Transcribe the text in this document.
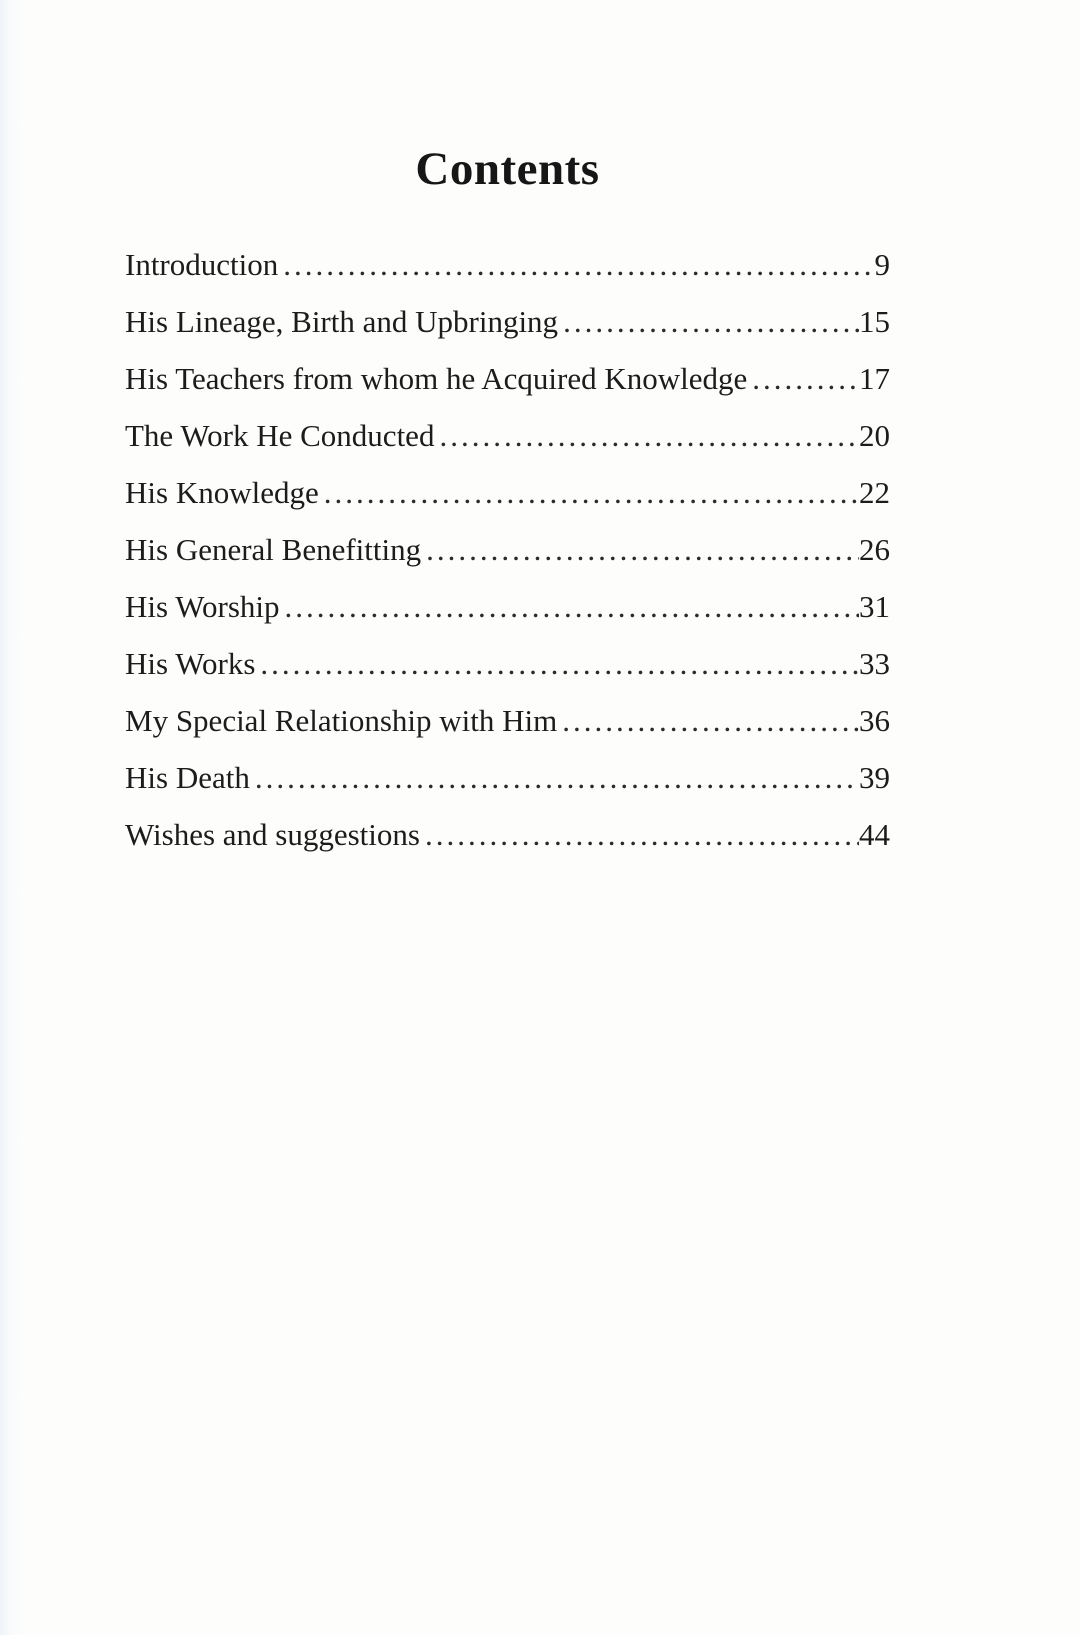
Contents
Introduction .....	9
His Lineage, Birth and Upbringing .....	15
His Teachers from whom he Acquired Knowledge .....	17
The Work He Conducted .....	20
His Knowledge .....	22
His General Benefitting .....	26
His Worship .....	31
His Works .....	33
My Special Relationship with Him .....	36
His Death .....	39
Wishes and suggestions .....	44
